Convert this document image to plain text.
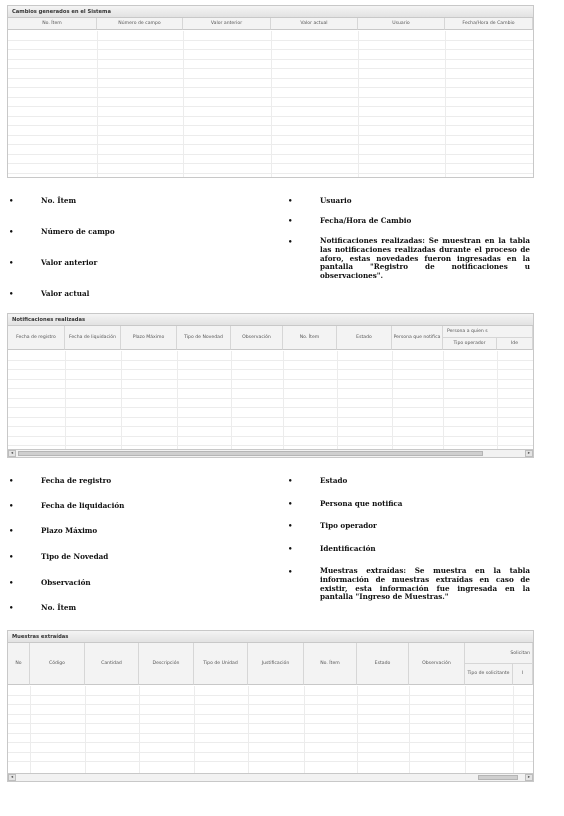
Cambios generados en el Sistema
No. Ítem	Número de campo	Valor anterior	Valor actual	Usuario	Fecha/Hora de Cambio
•	No. Ítem
•	Número de campo
•	Valor anterior
•	Valor actual
•	Usuario
•	Fecha/Hora de Cambio
•	Notificaciones realizadas: Se muestran en la tabla las notificaciones realizadas durante el proceso de aforo, estas novedades fueron ingresadas en la pantalla "Registro de notificaciones u observaciones".
Notificaciones realizadas
Fecha de registro	Fecha de liquidación	Plazo Máximo	Tipo de Novedad	Observación	No. Ítem	Estado	Persona que notifica
Persona a quien s
Tipo operador	Ide
◂	▸
•	Fecha de registro
•	Fecha de liquidación
•	Plazo Máximo
•	Tipo de Novedad
•	Observación
•	No. Ítem
•	Estado
•	Persona que notifica
•	Tipo operador
•	Identificación
•	Muestras extraídas: Se muestra en la tabla información de muestras extraídas en caso de existir, esta información fue ingresada en la pantalla "Ingreso de Muestras."
Muestras extraídas
No	Código	Cantidad	Descripción	Tipo de Unidad	Justificación	No. Ítem	Estado	Observación
Solicitan
Tipo de solicitante	I
◂	▸
